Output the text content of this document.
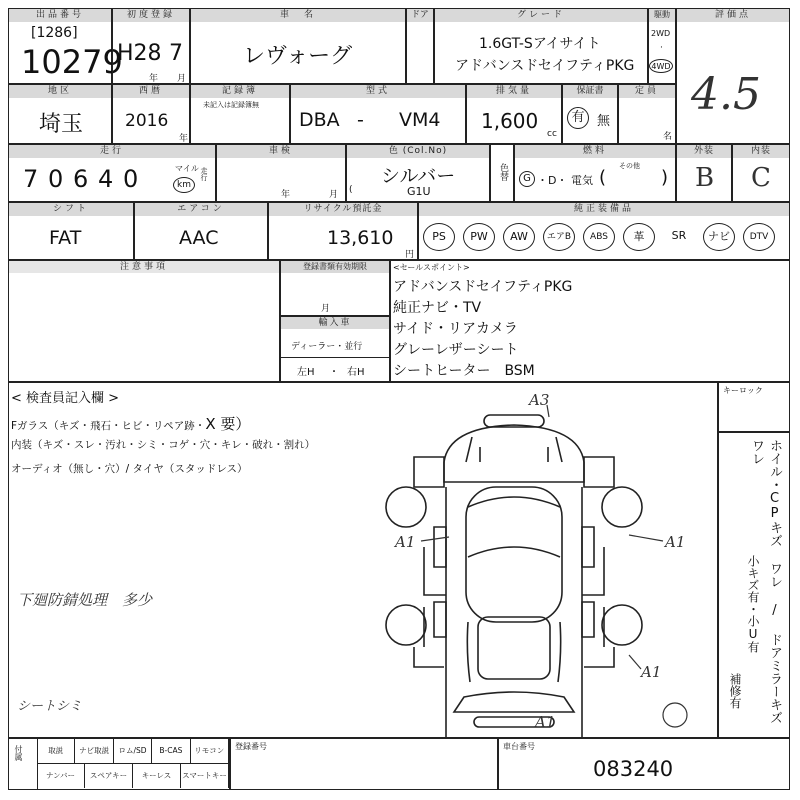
出品番号
[1286]
10279
初度登録
H28 7
年 月
車　名
レヴォーグ
ドア	グレード
1.6GT-Sアイサイト
アドバンスドセイフティPKG
駆動
2WD
·
4WD
評価点
4.5
地区
埼玉
西暦
2016
年
記録簿
未記入は記録簿無
型式
DBA - VM4
排気量
1,600
cc
保証書
有 無
定員
名
走行
7 0 6 4 0	マイル
km
走行
車検
年	月
色 (Col.No)
(
シルバー
G1U
色替
燃料
G ・D・ 電気 (
その他
)
外装
B
内装
C
シフト
FAT
エアコン
AAC
リサイクル預託金
13,610
円
純正装備品
PS	PW	AW	エアB	ABS	革	SR	ナビ	DTV
注意事項	登録書類有効期限
月
輸入車
ディーラー・並行
左H ・ 右H
<セールスポイント>
アドバンスドセイフティPKG
純正ナビ・TV
サイド・リアカメラ
グレーレザーシート
シートヒーター　BSM
< 検査員記入欄 >
Fガラス（キズ・飛石・ヒビ・リペア跡・X 要）
内装（キズ・スレ・汚れ・シミ・コゲ・穴・キレ・破れ・割れ）
オーディオ（無し・穴）/ タイヤ（スタッドレス）
下廻防錆処理　多少
シートシミ
A3
A1	A1
A1
A1
キーロック
ホイル・CPキズ ワレ / ドアミラーキズ ワレ
小キズ有・小U有
補修有
付属	取説	ナビ取説	ロム/SD	B-CAS	リモコン
ナンバー	スペアキー	キーレス	スマートキー
登録番号	車台番号
083240
